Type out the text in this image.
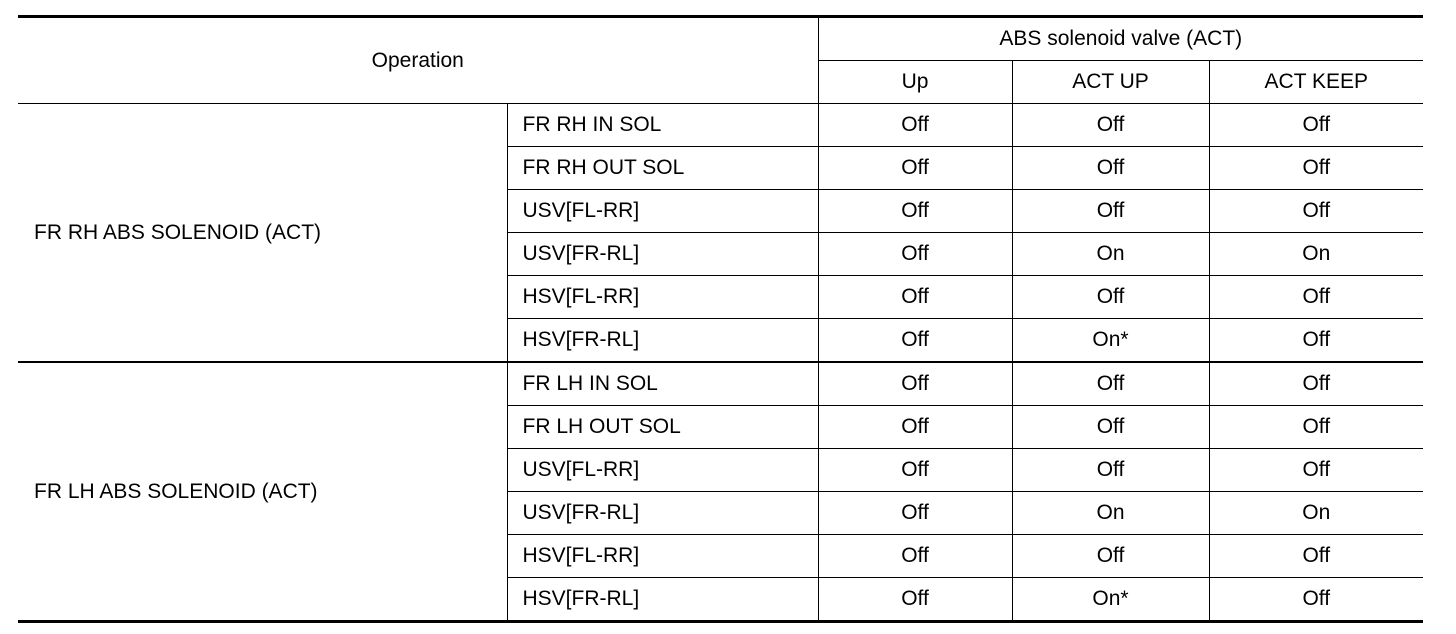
Operation		ABS solenoid valve (ACT)		
		Up	ACT UP	ACT KEEP
FR RH ABS SOLENOID (ACT)	FR RH IN SOL	Off	Off	Off
	FR RH OUT SOL	Off	Off	Off
	USV[FL-RR]	Off	Off	Off
	USV[FR-RL]	Off	On	On
	HSV[FL-RR]	Off	Off	Off
	HSV[FR-RL]	Off	On*	Off
FR LH ABS SOLENOID (ACT)	FR LH IN SOL	Off	Off	Off
	FR LH OUT SOL	Off	Off	Off
	USV[FL-RR]	Off	Off	Off
	USV[FR-RL]	Off	On	On
	HSV[FL-RR]	Off	Off	Off
	HSV[FR-RL]	Off	On*	Off
